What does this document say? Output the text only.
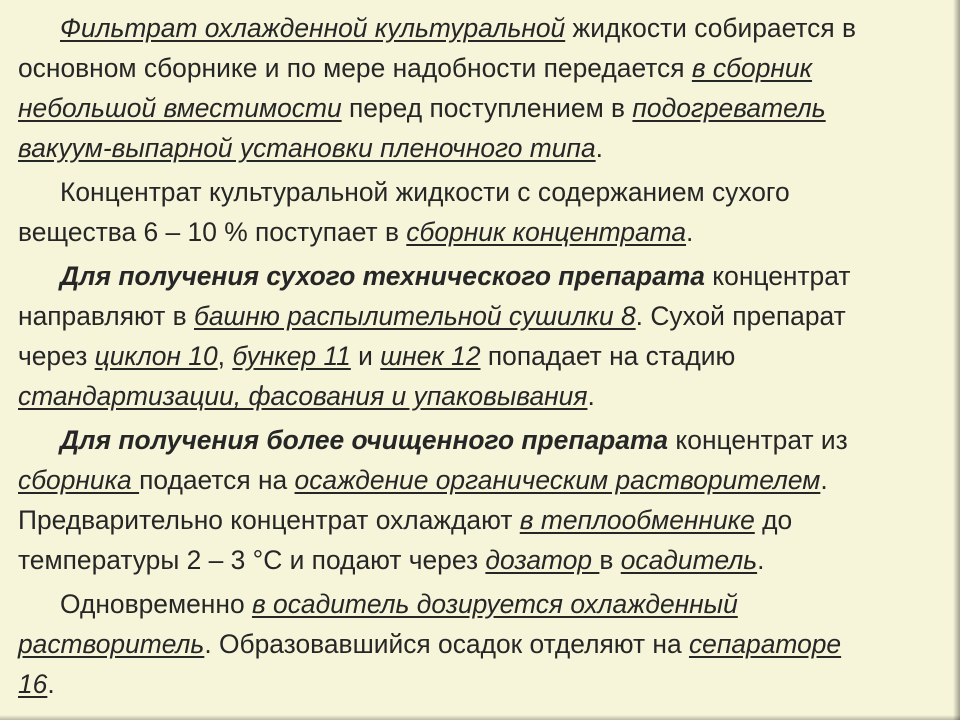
Фильтрат охлажденной культуральной жидкости собирается в
основном сборнике и по мере надобности передается в сборник
небольшой вместимости перед поступлением в подогреватель
вакуум-выпарной установки пленочного типа.
Концентрат культуральной жидкости с содержанием сухого
вещества 6 – 10 % поступает в сборник концентрата.
Для получения сухого технического препарата концентрат
направляют в башню распылительной сушилки 8. Сухой препарат
через циклон 10, бункер 11 и шнек 12 попадает на стадию
стандартизации, фасования и упаковывания.
Для получения более очищенного препарата концентрат из
сборника подается на осаждение органическим растворителем.
Предварительно концентрат охлаждают в теплообменнике до
температуры 2 – 3 °С и подают через дозатор в осадитель.
Одновременно в осадитель дозируется охлажденный
растворитель. Образовавшийся осадок отделяют на сепараторе
16.
